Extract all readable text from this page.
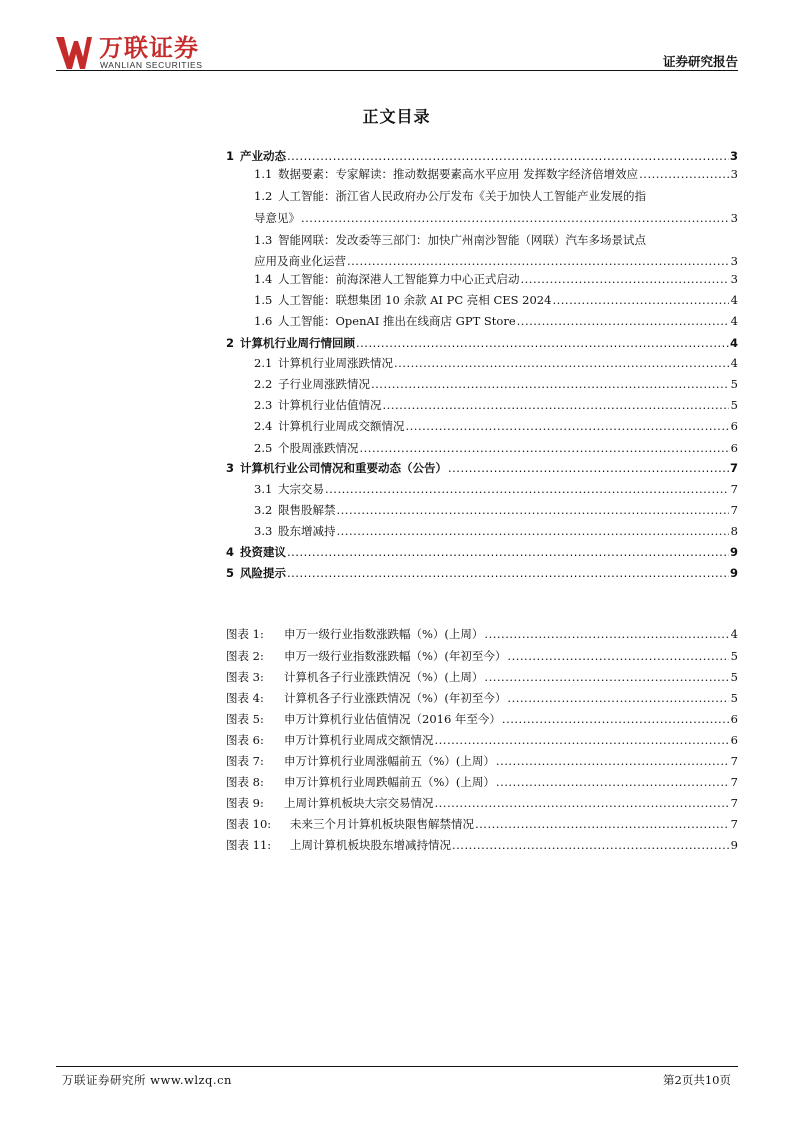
万联证券
WANLIAN SECURITIES	证券研究报告
正文目录
1 产业动态 .....	3
1.1 数据要素：专家解读：推动数据要素高水平应用 发挥数字经济倍增效应 .....	3
1.2 人工智能：浙江省人民政府办公厅发布《关于加快人工智能产业发展的指
导意见》 .....	3
1.3 智能网联：发改委等三部门：加快广州南沙智能（网联）汽车多场景试点
应用及商业化运营 .....	3
1.4 人工智能：前海深港人工智能算力中心正式启动 .....	3
1.5 人工智能：联想集团 10 余款 AI PC 亮相 CES 2024 .....	4
1.6 人工智能：OpenAI 推出在线商店 GPT Store .....	4
2 计算机行业周行情回顾 .....	4
2.1 计算机行业周涨跌情况 .....	4
2.2 子行业周涨跌情况 .....	5
2.3 计算机行业估值情况 .....	5
2.4 计算机行业周成交额情况 .....	6
2.5 个股周涨跌情况 .....	6
3 计算机行业公司情况和重要动态（公告） .....	7
3.1 大宗交易 .....	7
3.2 限售股解禁 .....	7
3.3 股东增减持 .....	8
4 投资建议 .....	9
5 风险提示 .....	9
图表 1:	申万一级行业指数涨跌幅（%）(上周） .....	4
图表 2:	申万一级行业指数涨跌幅（%）(年初至今） .....	5
图表 3:	计算机各子行业涨跌情况（%）(上周） .....	5
图表 4:	计算机各子行业涨跌情况（%）(年初至今） .....	5
图表 5:	申万计算机行业估值情况（2016 年至今） .....	6
图表 6:	申万计算机行业周成交额情况 .....	6
图表 7:	申万计算机行业周涨幅前五（%）(上周） .....	7
图表 8:	申万计算机行业周跌幅前五（%）(上周） .....	7
图表 9:	上周计算机板块大宗交易情况 .....	7
图表 10:	未来三个月计算机板块限售解禁情况 .....	7
图表 11:	上周计算机板块股东增减持情况 .....	9
万联证券研究所 www.wlzq.cn	第2页共10页
